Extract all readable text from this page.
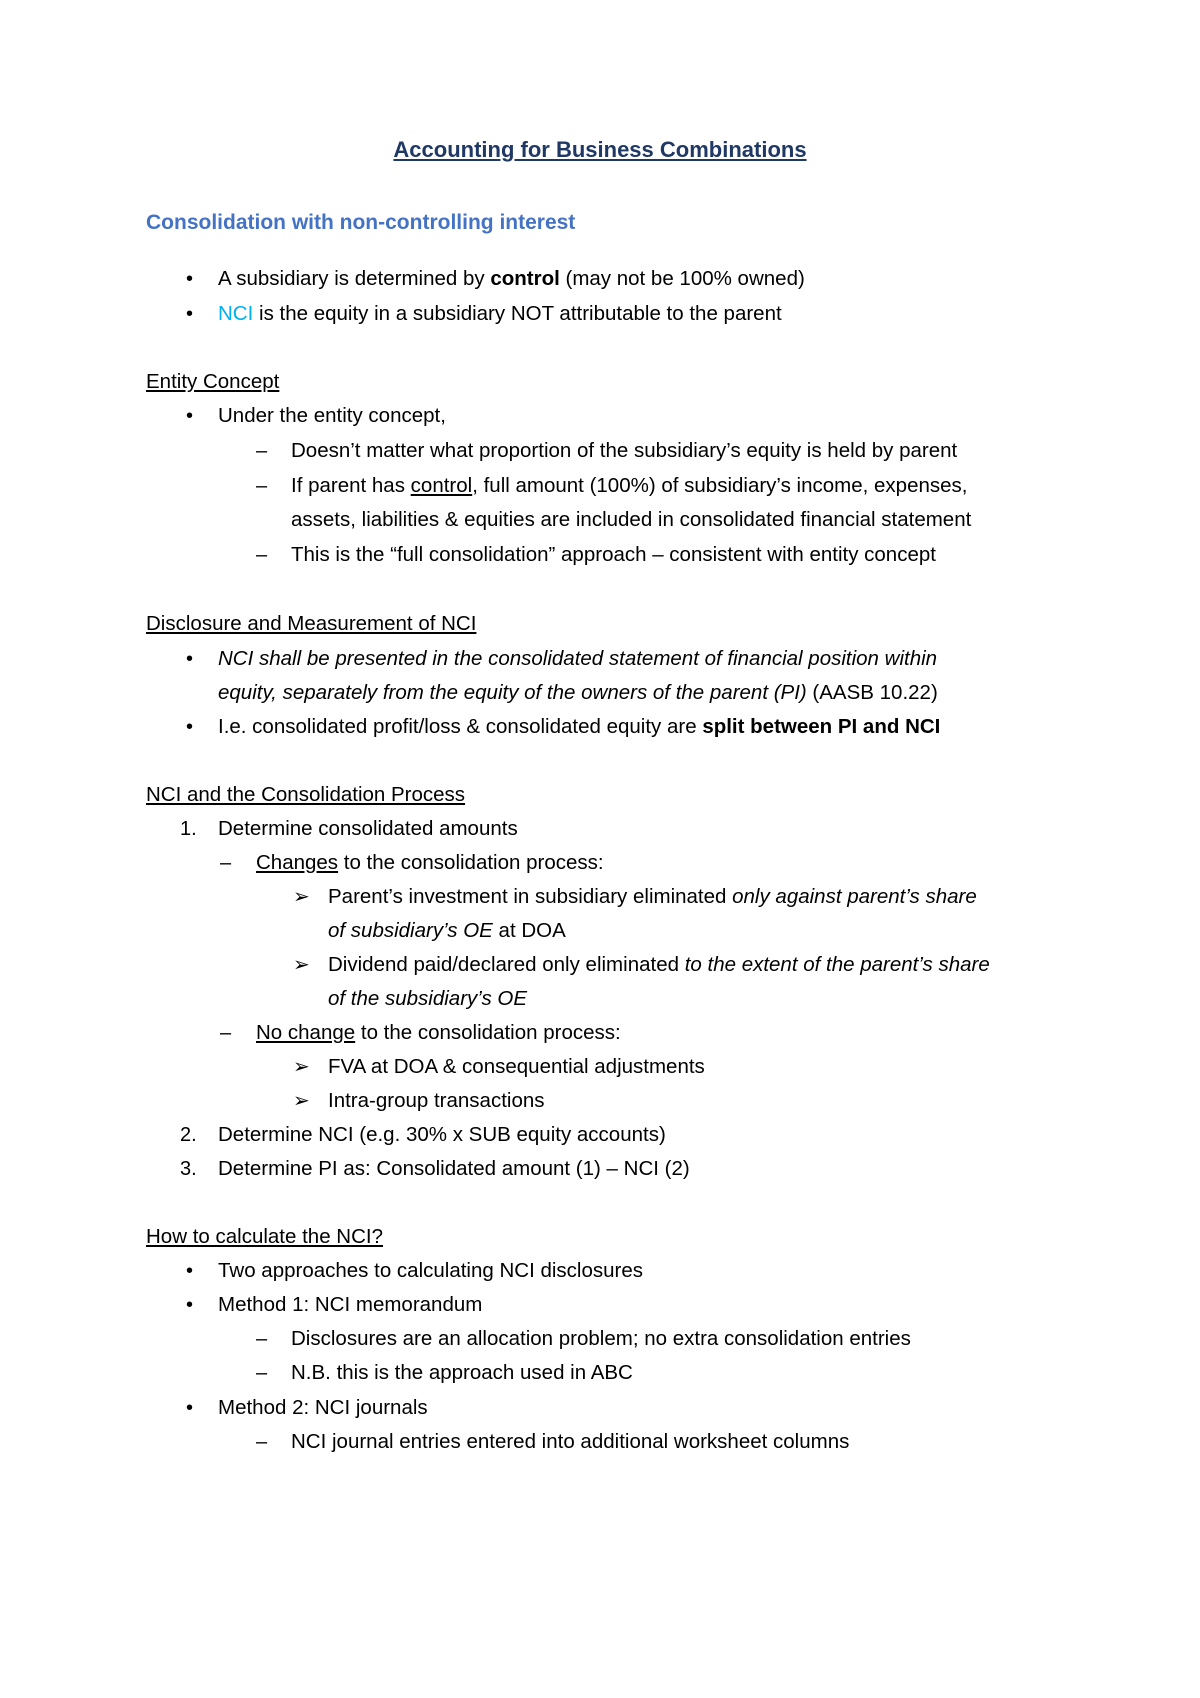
Accounting for Business Combinations
Consolidation with non-controlling interest
• A subsidiary is determined by control (may not be 100% owned)
• NCI is the equity in a subsidiary NOT attributable to the parent
Entity Concept
• Under the entity concept,
– Doesn’t matter what proportion of the subsidiary’s equity is held by parent
– If parent has control, full amount (100%) of subsidiary’s income, expenses,
assets, liabilities & equities are included in consolidated financial statement
– This is the “full consolidation” approach – consistent with entity concept
Disclosure and Measurement of NCI
• NCI shall be presented in the consolidated statement of financial position within
equity, separately from the equity of the owners of the parent (PI) (AASB 10.22)
• I.e. consolidated profit/loss & consolidated equity are split between PI and NCI
NCI and the Consolidation Process
1. Determine consolidated amounts
– Changes to the consolidation process:
➢ Parent’s investment in subsidiary eliminated only against parent’s share
of subsidiary’s OE at DOA
➢ Dividend paid/declared only eliminated to the extent of the parent’s share
of the subsidiary’s OE
– No change to the consolidation process:
➢ FVA at DOA & consequential adjustments
➢ Intra-group transactions
2. Determine NCI (e.g. 30% x SUB equity accounts)
3. Determine PI as: Consolidated amount (1) – NCI (2)
How to calculate the NCI?
• Two approaches to calculating NCI disclosures
• Method 1: NCI memorandum
– Disclosures are an allocation problem; no extra consolidation entries
– N.B. this is the approach used in ABC
• Method 2: NCI journals
– NCI journal entries entered into additional worksheet columns
